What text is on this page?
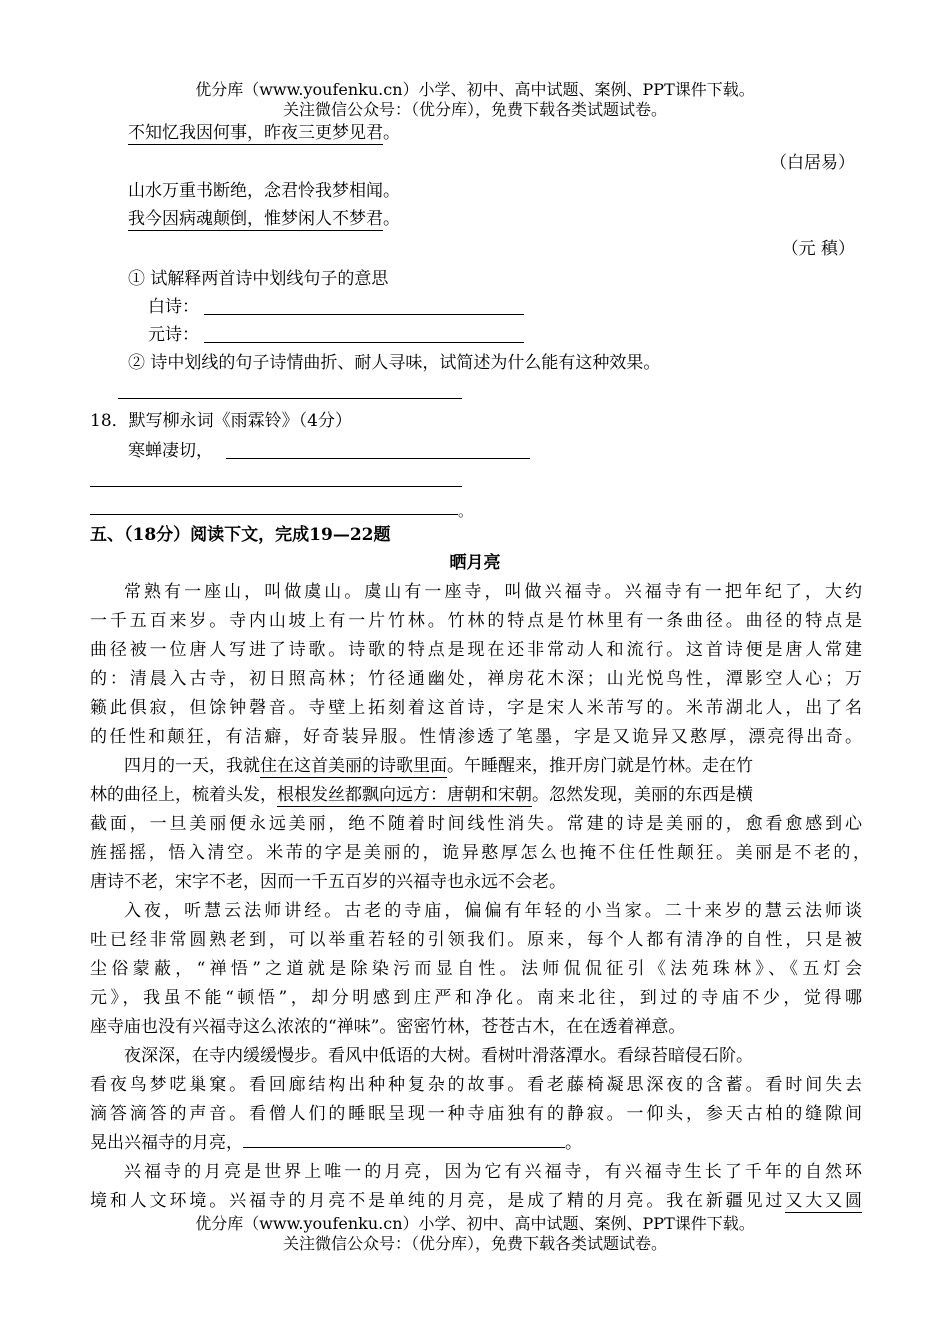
优分库（www.youfenku.cn）小学、初中、高中试题、案例、PPT课件下载。
关注微信公众号：（优分库），免费下载各类试题试卷。
不知忆我因何事，昨夜三更梦见君。
（白居易）
山水万重书断绝，念君怜我梦相闻。
我今因病魂颠倒，惟梦闲人不梦君。
（元 稹）
① 试解释两首诗中划线句子的意思
白诗：
元诗：
② 诗中划线的句子诗情曲折、耐人寻味，试简述为什么能有这种效果。
18．默写柳永词《雨霖铃》（4分）
寒蝉凄切，
。
五、（18分）阅读下文，完成19—22题
晒月亮
常熟有一座山，叫做虞山。虞山有一座寺，叫做兴福寺。兴福寺有一把年纪了，大约
一千五百来岁。寺内山坡上有一片竹林。竹林的特点是竹林里有一条曲径。曲径的特点是
曲径被一位唐人写进了诗歌。诗歌的特点是现在还非常动人和流行。这首诗便是唐人常建
的：清晨入古寺，初日照高林；竹径通幽处，禅房花木深；山光悦鸟性，潭影空人心；万
籁此俱寂，但馀钟磬音。寺壁上拓刻着这首诗，字是宋人米芾写的。米芾湖北人，出了名
的任性和颠狂，有洁癖，好奇装异服。性情渗透了笔墨，字是又诡异又憨厚，漂亮得出奇。
四月的一天，我就住在这首美丽的诗歌里面。午睡醒来，推开房门就是竹林。走在竹
林的曲径上，梳着头发，根根发丝都飘向远方：唐朝和宋朝。忽然发现，美丽的东西是横
截面，一旦美丽便永远美丽，绝不随着时间线性消失。常建的诗是美丽的，愈看愈感到心
旌摇摇，悟入清空。米芾的字是美丽的，诡异憨厚怎么也掩不住任性颠狂。美丽是不老的，
唐诗不老，宋字不老，因而一千五百岁的兴福寺也永远不会老。
入夜，听慧云法师讲经。古老的寺庙，偏偏有年轻的小当家。二十来岁的慧云法师谈
吐已经非常圆熟老到，可以举重若轻的引领我们。原来，每个人都有清净的自性，只是被
尘俗蒙蔽，“禅悟”之道就是除染污而显自性。法师侃侃征引《法苑珠林》、《五灯会
元》，我虽不能“顿悟”，却分明感到庄严和净化。南来北往，到过的寺庙不少，觉得哪
座寺庙也没有兴福寺这么浓浓的“禅味”。密密竹林，苍苍古木，在在透着禅意。
夜深深，在寺内缓缓慢步。看风中低语的大树。看树叶滑落潭水。看绿苔暗侵石阶。
看夜鸟梦呓巢窠。看回廊结构出种种复杂的故事。看老藤椅凝思深夜的含蓄。看时间失去
滴答滴答的声音。看僧人们的睡眠呈现一种寺庙独有的静寂。一仰头，参天古柏的缝隙间
晃出兴福寺的月亮，	。
兴福寺的月亮是世界上唯一的月亮，因为它有兴福寺，有兴福寺生长了千年的自然环
境和人文环境。兴福寺的月亮不是单纯的月亮，是成了精的月亮。我在新疆见过又大又圆
优分库（www.youfenku.cn）小学、初中、高中试题、案例、PPT课件下载。
关注微信公众号：（优分库），免费下载各类试题试卷。
